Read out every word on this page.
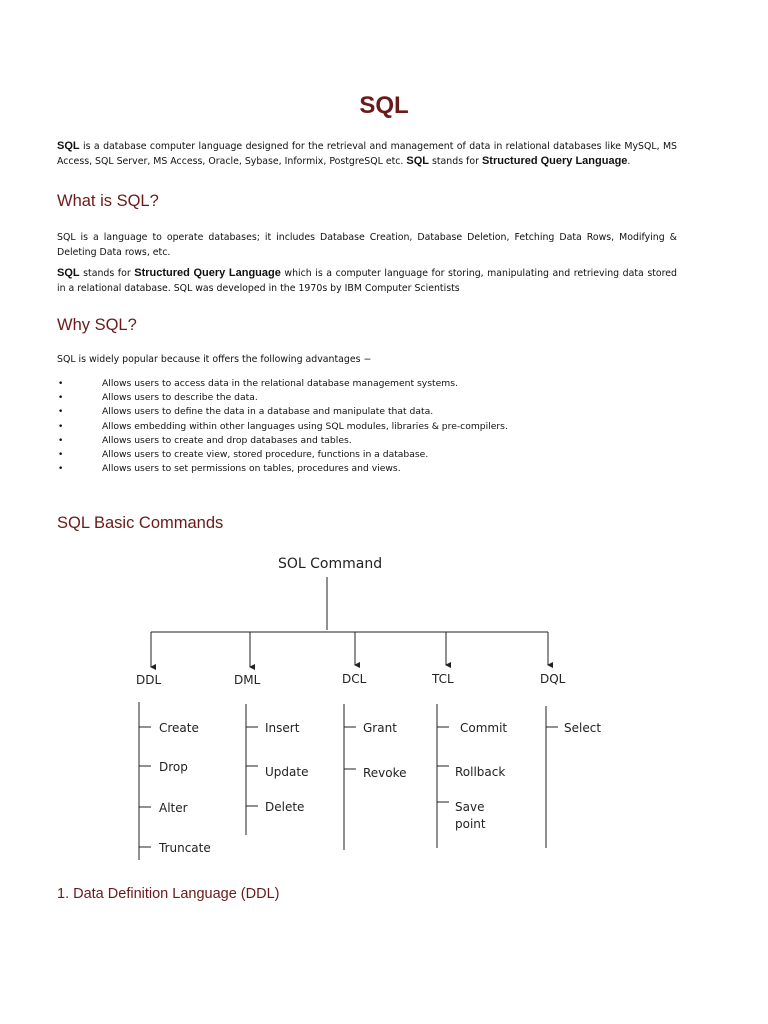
SQL

SQL is a database computer language designed for the retrieval and management of data in relational databases like MySQL, MS Access, SQL Server, MS Access, Oracle, Sybase, Informix, PostgreSQL etc. SQL stands for Structured Query Language.

What is SQL?

SQL is a language to operate databases; it includes Database Creation, Database Deletion, Fetching Data Rows, Modifying & Deleting Data rows, etc.

SQL stands for Structured Query Language which is a computer language for storing, manipulating and retrieving data stored in a relational database. SQL was developed in the 1970s by IBM Computer Scientists

Why SQL?

SQL is widely popular because it offers the following advantages −

•	Allows users to access data in the relational database management systems.
•	Allows users to describe the data.
•	Allows users to define the data in a database and manipulate that data.
•	Allows embedding within other languages using SQL modules, libraries & pre-compilers.
•	Allows users to create and drop databases and tables.
•	Allows users to create view, stored procedure, functions in a database.
•	Allows users to set permissions on tables, procedures and views.
SQL Basic Commands
SOL Command
DDL	DML	DCL	TCL	DQL
Create
Drop
Alter
Truncate
Insert
Update
Delete
Grant
Revoke
Commit
Rollback
Save
point
Select
1. Data Definition Language (DDL)
